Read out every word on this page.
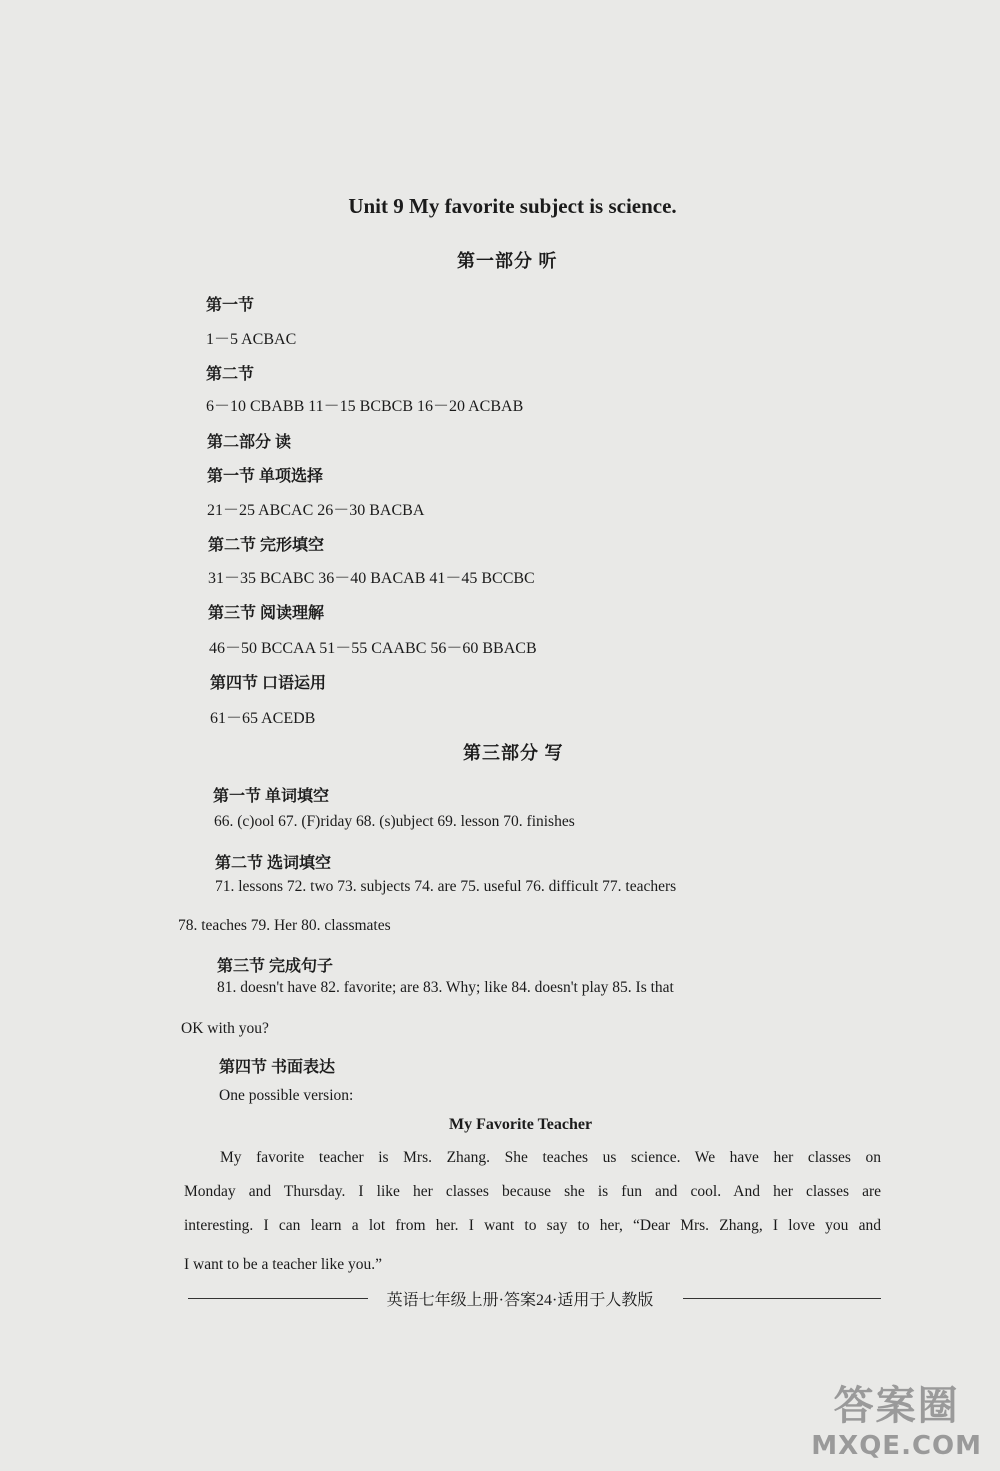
Unit 9 My favorite subject is science.
第一部分 听
第一节
1－5 ACBAC
第二节
6－10 CBABB 11－15 BCBCB 16－20 ACBAB
第二部分 读
第一节 单项选择
21－25 ABCAC 26－30 BACBA
第二节 完形填空
31－35 BCABC 36－40 BACAB 41－45 BCCBC
第三节 阅读理解
46－50 BCCAA 51－55 CAABC 56－60 BBACB
第四节 口语运用
61－65 ACEDB
第三部分 写
第一节 单词填空
66. (c)ool 67. (F)riday 68. (s)ubject 69. lesson 70. finishes
第二节 选词填空
71. lessons 72. two 73. subjects 74. are 75. useful 76. difficult 77. teachers
78. teaches 79. Her 80. classmates
第三节 完成句子
81. doesn't have 82. favorite; are 83. Why; like 84. doesn't play 85. Is that
OK with you?
第四节 书面表达
One possible version:
My Favorite Teacher
My favorite teacher is Mrs. Zhang. She teaches us science. We have her classes on
Monday and Thursday. I like her classes because she is fun and cool. And her classes are
interesting. I can learn a lot from her. I want to say to her, “Dear Mrs. Zhang, I love you and
I want to be a teacher like you.”
英语七年级上册·答案24·适用于人教版
答案圈
MXQE.COM
